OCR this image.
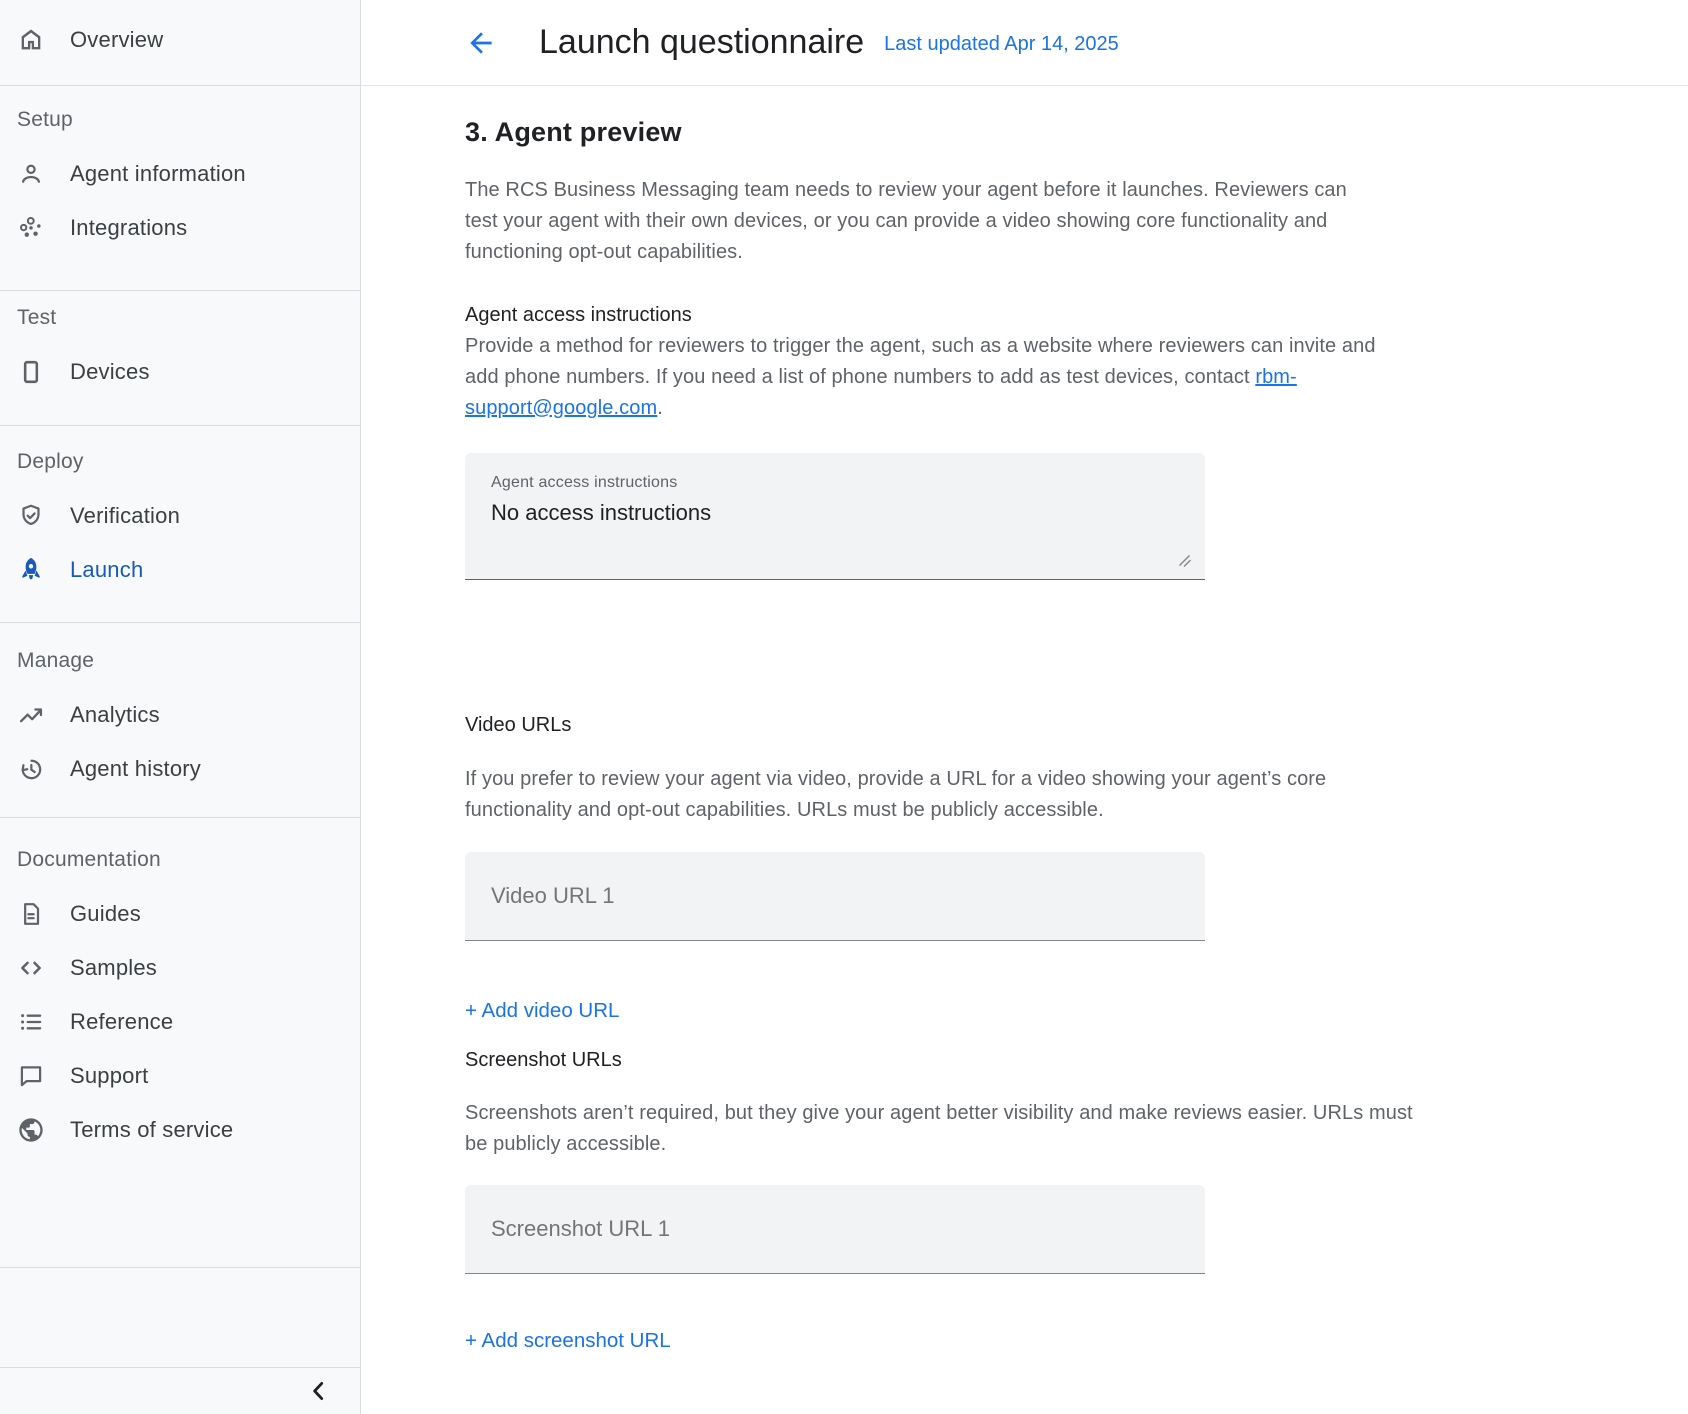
Overview
Setup
Agent information
Integrations
Test
Devices
Deploy
Verification
Launch
Manage
Analytics
Agent history
Documentation
Guides
Samples
Reference
Support
Terms of service
Launch questionnaire Last updated Apr 14, 2025
3. Agent preview

The RCS Business Messaging team needs to review your agent before it launches. Reviewers can test your agent with their own devices, or you can provide a video showing core functionality and functioning opt-out capabilities.

Agent access instructions

Provide a method for reviewers to trigger the agent, such as a website where reviewers can invite and add phone numbers. If you need a list of phone numbers to add as test devices, contact rbm-support@google.com.

Agent access instructions
No access instructions
Video URLs

If you prefer to review your agent via video, provide a URL for a video showing your agent’s core functionality and opt-out capabilities. URLs must be publicly accessible.

Video URL 1
+ Add video URL
Screenshot URLs

Screenshots aren’t required, but they give your agent better visibility and make reviews easier. URLs must be publicly accessible.

Screenshot URL 1
+ Add screenshot URL
